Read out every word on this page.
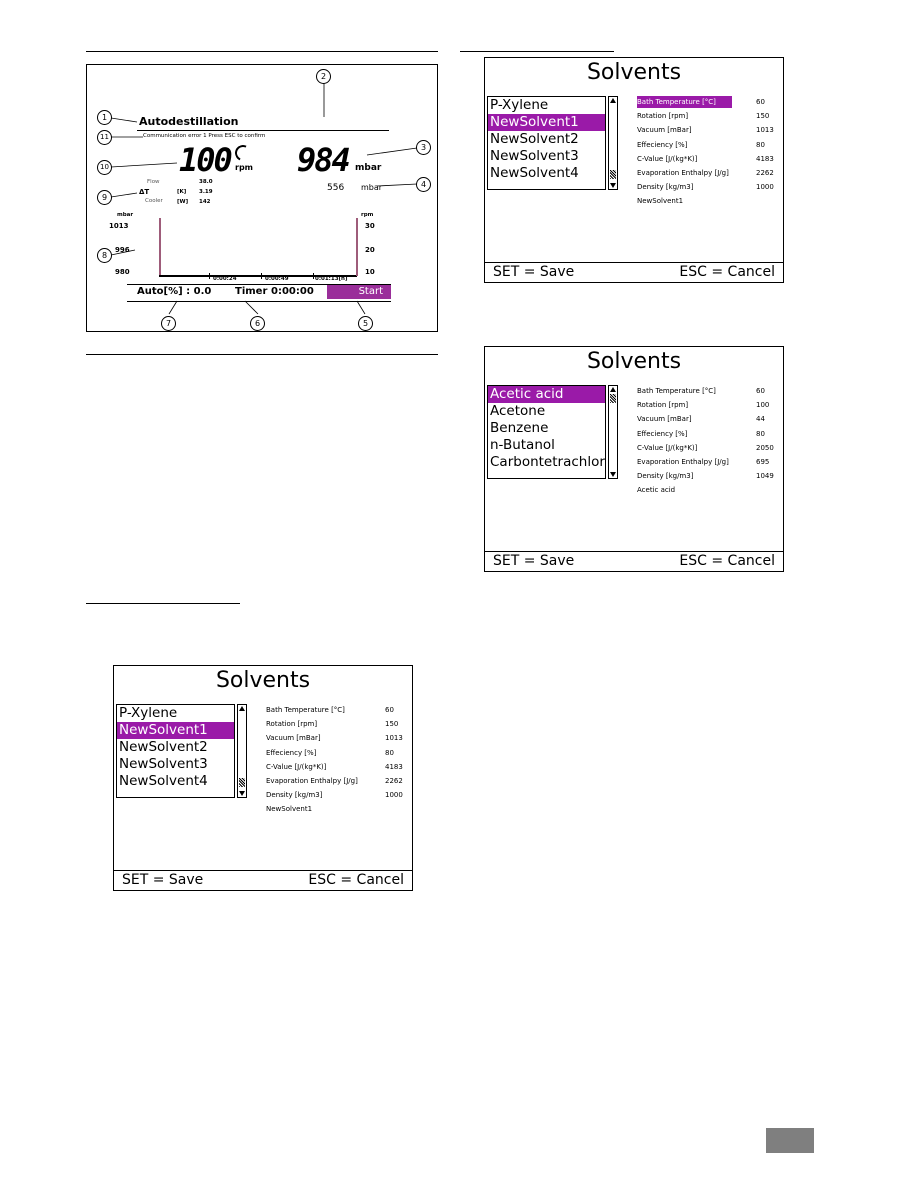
Autodestillation
Communication error 1 Press ESC to confirm
100 rpm 984 mbar
556 mbar
Flow	38.0
ΔT	[K] 3.19
Cooler	[W] 142
mbar
1013
996
980
rpm
30
20
10
0:00:24	0:00:49	0:01:13[h]
Auto[%] : 0.0 Timer 0:00:00	Start
1
2
3
4
5
6
7
8
9
10
11
Solvents
P-Xylene
NewSolvent1
NewSolvent2
NewSolvent3
NewSolvent4
Bath Temperature [°C]	60
Rotation [rpm]	150
Vacuum [mBar]	1013
Effeciency [%]	80
C-Value [J/(kg*K)]	4183
Evaporation Enthalpy [J/g]	2262
Density [kg/m3]	1000
NewSolvent1
SET = Save	ESC = Cancel
Solvents
Acetic acid
Acetone
Benzene
n-Butanol
Carbontetrachlor
Bath Temperature [°C]	60
Rotation [rpm]	100
Vacuum [mBar]	44
Effeciency [%]	80
C-Value [J/(kg*K)]	2050
Evaporation Enthalpy [J/g]	695
Density [kg/m3]	1049
Acetic acid
SET = Save	ESC = Cancel
Solvents
P-Xylene
NewSolvent1
NewSolvent2
NewSolvent3
NewSolvent4
Bath Temperature [°C]	60
Rotation [rpm]	150
Vacuum [mBar]	1013
Effeciency [%]	80
C-Value [J/(kg*K)]	4183
Evaporation Enthalpy [J/g]	2262
Density [kg/m3]	1000
NewSolvent1
SET = Save	ESC = Cancel
